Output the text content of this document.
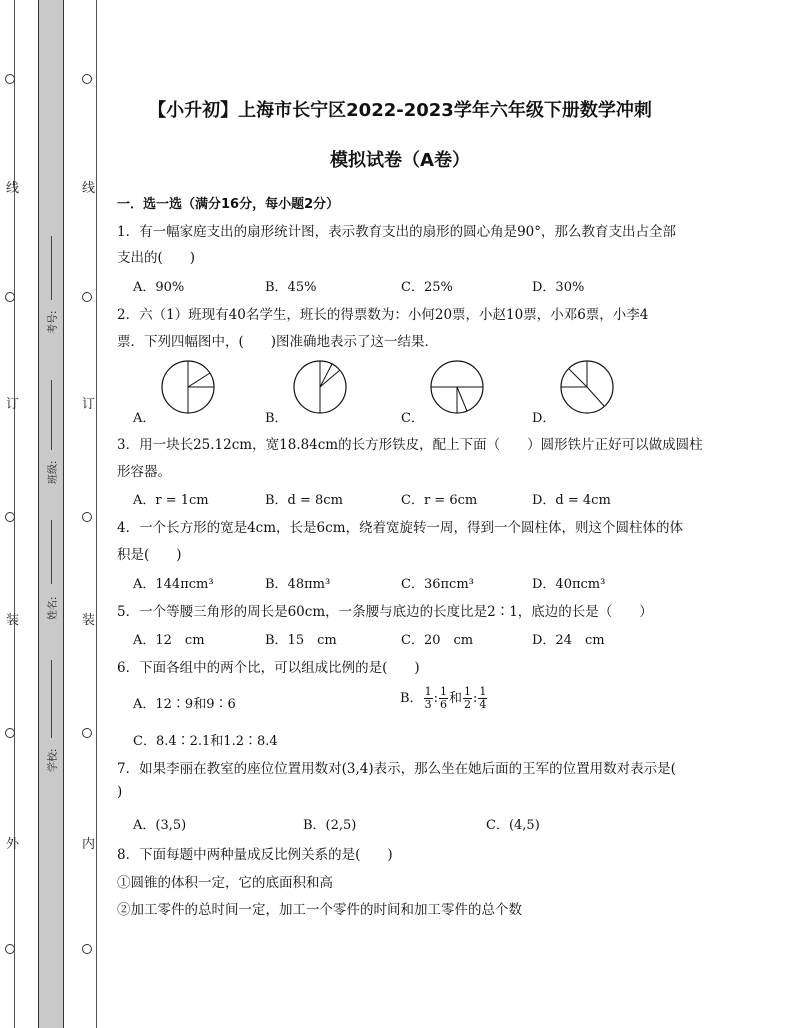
线
订
装
外
线
订
装
内
考号:
班级:
姓名:
学校:
【小升初】上海市长宁区2022-2023学年六年级下册数学冲刺
模拟试卷（A卷）
一．选一选（满分16分，每小题2分）
1．有一幅家庭支出的扇形统计图，表示教育支出的扇形的圆心角是90°，那么教育支出占全部
支出的(　　)
A．90%	B．45%	C．25%	D．30%
2．六（1）班现有40名学生，班长的得票数为：小何20票，小赵10票，小邓6票，小李4
票．下列四幅图中，(　　)图准确地表示了这一结果．
A．	B．	C．	D．
3．用一块长25.12cm，宽18.84cm的长方形铁皮，配上下面（　　）圆形铁片正好可以做成圆柱
形容器。
A．r = 1cm	B．d = 8cm	C．r = 6cm	D．d = 4cm
4．一个长方形的宽是4cm，长是6cm，绕着宽旋转一周，得到一个圆柱体，则这个圆柱体的体
积是(　　)
A．144πcm³	B．48πm³	C．36πcm³	D．40πcm³
5．一个等腰三角形的周长是60cm，一条腰与底边的长度比是2∶1，底边的长是（　　）
A．12　cm	B．15　cm	C．20　cm	D．24　cm
6．下面各组中的两个比，可以组成比例的是(　　)
A．12∶9和9∶6	B． $\frac{1}{3}$ : $\frac{1}{6}$ 和 $\frac{1}{2}$ : $\frac{1}{4}$
C．8.4∶2.1和1.2∶8.4
7．如果李丽在教室的座位位置用数对(3,4)表示，那么坐在她后面的王军的位置用数对表示是(
)
A．(3,5)	B．(2,5)	C．(4,5)
8．下面每题中两种量成反比例关系的是(　　)
①圆锥的体积一定，它的底面积和高
②加工零件的总时间一定，加工一个零件的时间和加工零件的总个数
